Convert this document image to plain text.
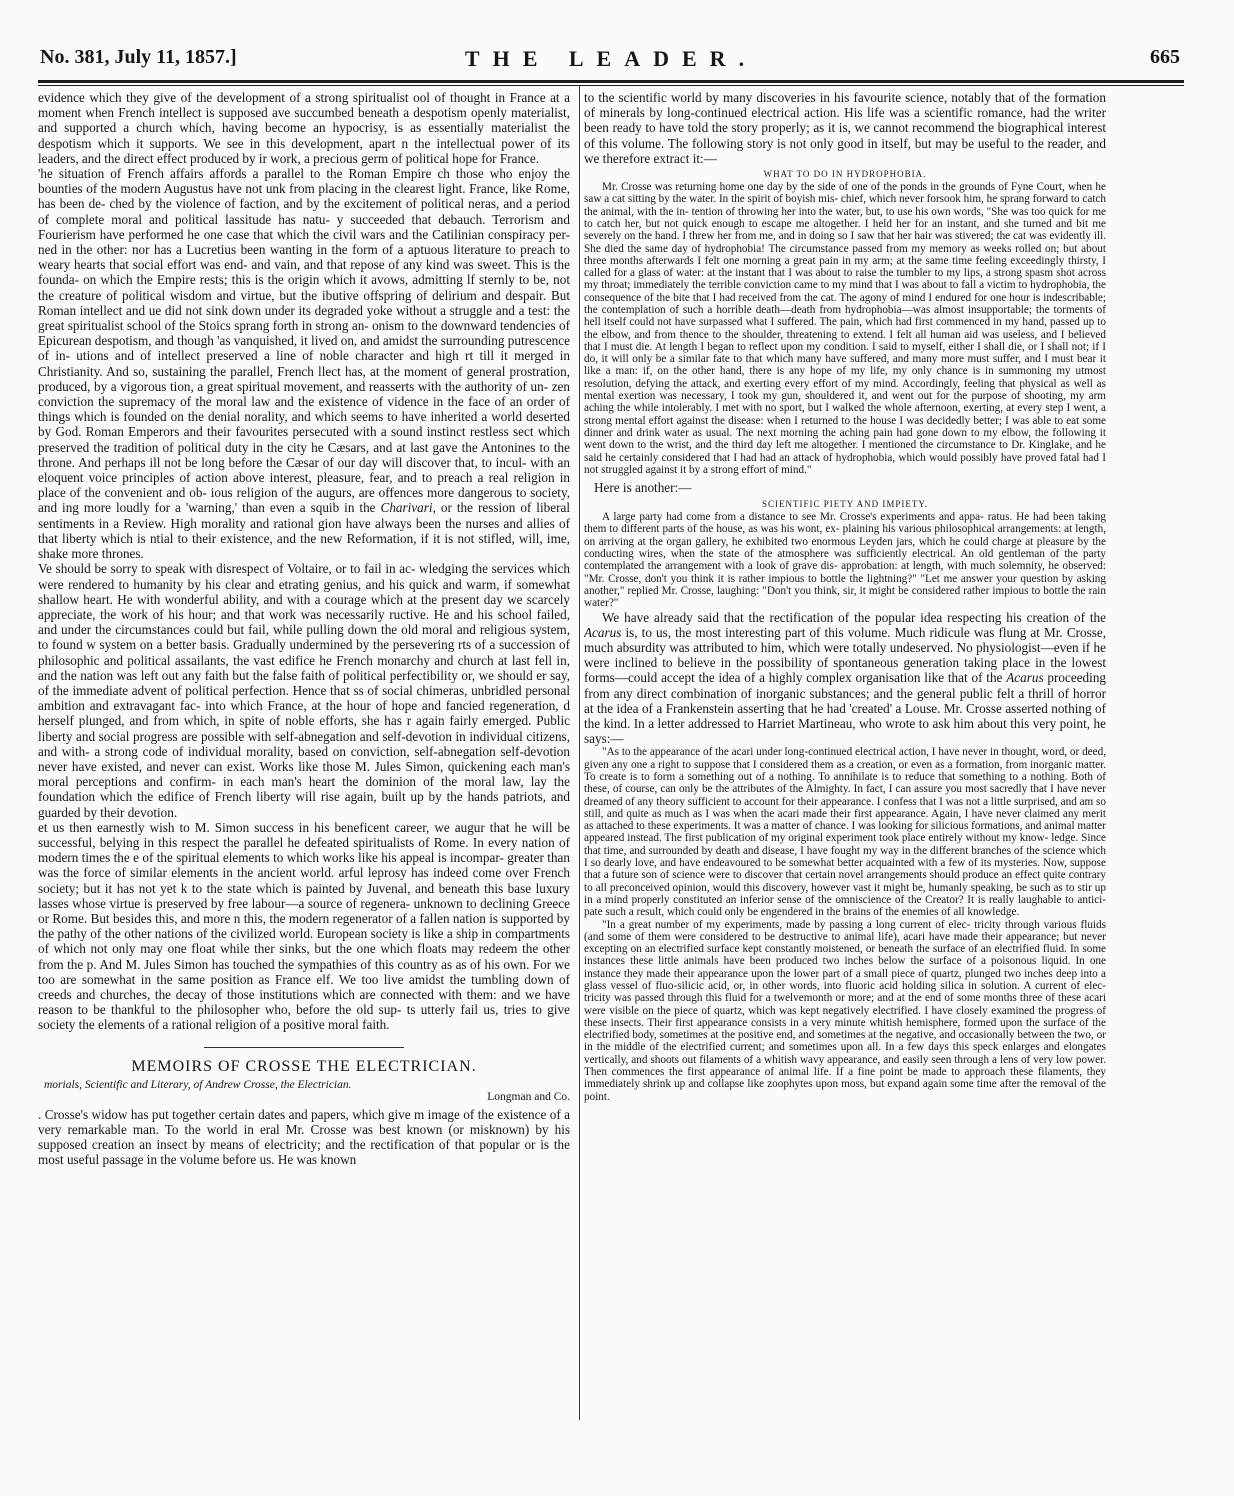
No. 381, July 11, 1857.]	THE LEADER.	665

evidence which they give of the development of a strong spiritualist ool of thought in France at a moment when French intellect is supposed ave succumbed beneath a despotism openly materialist, and supported a church which, having become an hypocrisy, is as essentially materialist the despotism which it supports. We see in this development, apart n the intellectual power of its leaders, and the direct effect produced by ir work, a precious germ of political hope for France.

'he situation of French affairs affords a parallel to the Roman Empire ch those who enjoy the bounties of the modern Augustus have not unk from placing in the clearest light. France, like Rome, has been de- ched by the violence of faction, and by the excitement of political neras, and a period of complete moral and political lassitude has natu- y succeeded that debauch. Terrorism and Fourierism have performed he one case that which the civil wars and the Catilinian conspiracy per- ned in the other: nor has a Lucretius been wanting in the form of a aptuous literature to preach to weary hearts that social effort was end- and vain, and that repose of any kind was sweet. This is the founda- on which the Empire rests; this is the origin which it avows, admitting lf sternly to be, not the creature of political wisdom and virtue, but the ibutive offspring of delirium and despair. But Roman intellect and ue did not sink down under its degraded yoke without a struggle and a test: the great spiritualist school of the Stoics sprang forth in strong an- onism to the downward tendencies of Epicurean despotism, and though 'as vanquished, it lived on, and amidst the surrounding putrescence of in- utions and of intellect preserved a line of noble character and high rt till it merged in Christianity. And so, sustaining the parallel, French llect has, at the moment of general prostration, produced, by a vigorous tion, a great spiritual movement, and reasserts with the authority of un- zen conviction the supremacy of the moral law and the existence of vidence in the face of an order of things which is founded on the denial norality, and which seems to have inherited a world deserted by God. Roman Emperors and their favourites persecuted with a sound instinct restless sect which preserved the tradition of political duty in the city he Cæsars, and at last gave the Antonines to the throne. And perhaps ill not be long before the Cæsar of our day will discover that, to incul- with an eloquent voice principles of action above interest, pleasure, fear, and to preach a real religion in place of the convenient and ob- ious religion of the augurs, are offences more dangerous to society, and ing more loudly for a 'warning,' than even a squib in the Charivari, or the ression of liberal sentiments in a Review. High morality and rational gion have always been the nurses and allies of that liberty which is ntial to their existence, and the new Reformation, if it is not stifled, will, ime, shake more thrones.

Ve should be sorry to speak with disrespect of Voltaire, or to fail in ac- wledging the services which were rendered to humanity by his clear and etrating genius, and his quick and warm, if somewhat shallow heart. He with wonderful ability, and with a courage which at the present day we scarcely appreciate, the work of his hour; and that work was necessarily ructive. He and his school failed, and under the circumstances could but fail, while pulling down the old moral and religious system, to found w system on a better basis. Gradually undermined by the persevering rts of a succession of philosophic and political assailants, the vast edifice he French monarchy and church at last fell in, and the nation was left out any faith but the false faith of political perfectibility or, we should er say, of the immediate advent of political perfection. Hence that ss of social chimeras, unbridled personal ambition and extravagant fac- into which France, at the hour of hope and fancied regeneration, d herself plunged, and from which, in spite of noble efforts, she has r again fairly emerged. Public liberty and social progress are possible with self-abnegation and self-devotion in individual citizens, and with- a strong code of individual morality, based on conviction, self-abnegation self-devotion never have existed, and never can exist. Works like those M. Jules Simon, quickening each man's moral perceptions and confirm- in each man's heart the dominion of the moral law, lay the foundation which the edifice of French liberty will rise again, built up by the hands patriots, and guarded by their devotion.

et us then earnestly wish to M. Simon success in his beneficent career, we augur that he will be successful, belying in this respect the parallel he defeated spiritualists of Rome. In every nation of modern times the e of the spiritual elements to which works like his appeal is incompar- greater than was the force of similar elements in the ancient world. arful leprosy has indeed come over French society; but it has not yet k to the state which is painted by Juvenal, and beneath this base luxury lasses whose virtue is preserved by free labour—a source of regenera- unknown to declining Greece or Rome. But besides this, and more n this, the modern regenerator of a fallen nation is supported by the pathy of the other nations of the civilized world. European society is like a ship in compartments of which not only may one float while ther sinks, but the one which floats may redeem the other from the p. And M. Jules Simon has touched the sympathies of this country as as of his own. For we too are somewhat in the same position as France elf. We too live amidst the tumbling down of creeds and churches, the decay of those institutions which are connected with them: and we have reason to be thankful to the philosopher who, before the old sup- ts utterly fail us, tries to give society the elements of a rational religion of a positive moral faith.

MEMOIRS OF CROSSE THE ELECTRICIAN.
morials, Scientific and Literary, of Andrew Crosse, the Electrician.
Longman and Co.

. Crosse's widow has put together certain dates and papers, which give m image of the existence of a very remarkable man. To the world in eral Mr. Crosse was best known (or misknown) by his supposed creation an insect by means of electricity; and the rectification of that popular or is the most useful passage in the volume before us. He was known

to the scientific world by many discoveries in his favourite science, notably that of the formation of minerals by long-continued electrical action. His life was a scientific romance, had the writer been ready to have told the story properly; as it is, we cannot recommend the biographical interest of this volume. The following story is not only good in itself, but may be useful to the reader, and we therefore extract it:—

WHAT TO DO IN HYDROPHOBIA.

Mr. Crosse was returning home one day by the side of one of the ponds in the grounds of Fyne Court, when he saw a cat sitting by the water. In the spirit of boyish mis- chief, which never forsook him, he sprang forward to catch the animal, with the in- tention of throwing her into the water, but, to use his own words, "She was too quick for me to catch her, but not quick enough to escape me altogether. I held her for an instant, and she turned and bit me severely on the hand. I threw her from me, and in doing so I saw that her hair was stivered; the cat was evidently ill. She died the same day of hydrophobia! The circumstance passed from my memory as weeks rolled on; but about three months afterwards I felt one morning a great pain in my arm; at the same time feeling exceedingly thirsty, I called for a glass of water: at the instant that I was about to raise the tumbler to my lips, a strong spasm shot across my throat; immediately the terrible conviction came to my mind that I was about to fall a victim to hydrophobia, the consequence of the bite that I had received from the cat. The agony of mind I endured for one hour is indescribable; the contemplation of such a horrible death—death from hydrophobia—was almost insupportable; the torments of hell itself could not have surpassed what I suffered. The pain, which had first commenced in my hand, passed up to the elbow, and from thence to the shoulder, threatening to extend. I felt all human aid was useless, and I believed that I must die. At length I began to reflect upon my condition. I said to myself, either I shall die, or I shall not; if I do, it will only be a similar fate to that which many have suffered, and many more must suffer, and I must bear it like a man: if, on the other hand, there is any hope of my life, my only chance is in summoning my utmost resolution, defying the attack, and exerting every effort of my mind. Accordingly, feeling that physical as well as mental exertion was necessary, I took my gun, shouldered it, and went out for the purpose of shooting, my arm aching the while intolerably. I met with no sport, but I walked the whole afternoon, exerting, at every step I went, a strong mental effort against the disease: when I returned to the house I was decidedly better; I was able to eat some dinner and drink water as usual. The next morning the aching pain had gone down to my elbow, the following it went down to the wrist, and the third day left me altogether. I mentioned the circumstance to Dr. Kinglake, and he said he certainly considered that I had had an attack of hydrophobia, which would possibly have proved fatal had I not struggled against it by a strong effort of mind."

Here is another:—
SCIENTIFIC PIETY AND IMPIETY.

A large party had come from a distance to see Mr. Crosse's experiments and appa- ratus. He had been taking them to different parts of the house, as was his wont, ex- plaining his various philosophical arrangements: at length, on arriving at the organ gallery, he exhibited two enormous Leyden jars, which he could charge at pleasure by the conducting wires, when the state of the atmosphere was sufficiently electrical. An old gentleman of the party contemplated the arrangement with a look of grave dis- approbation: at length, with much solemnity, he observed: "Mr. Crosse, don't you think it is rather impious to bottle the lightning?" "Let me answer your question by asking another," replied Mr. Crosse, laughing: "Don't you think, sir, it might be considered rather impious to bottle the rain water?"

We have already said that the rectification of the popular idea respecting his creation of the Acarus is, to us, the most interesting part of this volume. Much ridicule was flung at Mr. Crosse, much absurdity was attributed to him, which were totally undeserved. No physiologist—even if he were inclined to believe in the possibility of spontaneous generation taking place in the lowest forms—could accept the idea of a highly complex organisation like that of the Acarus proceeding from any direct combination of inorganic substances; and the general public felt a thrill of horror at the idea of a Frankenstein asserting that he had 'created' a Louse. Mr. Crosse asserted nothing of the kind. In a letter addressed to Harriet Martineau, who wrote to ask him about this very point, he says:—

"As to the appearance of the acari under long-continued electrical action, I have never in thought, word, or deed, given any one a right to suppose that I considered them as a creation, or even as a formation, from inorganic matter. To create is to form a something out of a nothing. To annihilate is to reduce that something to a nothing. Both of these, of course, can only be the attributes of the Almighty. In fact, I can assure you most sacredly that I have never dreamed of any theory sufficient to account for their appearance. I confess that I was not a little surprised, and am so still, and quite as much as I was when the acari made their first appearance. Again, I have never claimed any merit as attached to these experiments. It was a matter of chance. I was looking for silicious formations, and animal matter appeared instead. The first publication of my original experiment took place entirely without my know- ledge. Since that time, and surrounded by death and disease, I have fought my way in the different branches of the science which I so dearly love, and have endeavoured to be somewhat better acquainted with a few of its mysteries. Now, suppose that a future son of science were to discover that certain novel arrangements should produce an effect quite contrary to all preconceived opinion, would this discovery, however vast it might be, humanly speaking, be such as to stir up in a mind properly constituted an inferior sense of the omniscience of the Creator? It is really laughable to antici- pate such a result, which could only be engendered in the brains of the enemies of all knowledge.

"In a great number of my experiments, made by passing a long current of elec- tricity through various fluids (and some of them were considered to be destructive to animal life), acari have made their appearance; but never excepting on an electrified surface kept constantly moistened, or beneath the surface of an electrified fluid. In some instances these little animals have been produced two inches below the surface of a poisonous liquid. In one instance they made their appearance upon the lower part of a small piece of quartz, plunged two inches deep into a glass vessel of fluo-silicic acid, or, in other words, into fluoric acid holding silica in solution. A current of elec- tricity was passed through this fluid for a twelvemonth or more; and at the end of some months three of these acari were visible on the piece of quartz, which was kept negatively electrified. I have closely examined the progress of these insects. Their first appearance consists in a very minute whitish hemisphere, formed upon the surface of the electrified body, sometimes at the positive end, and sometimes at the negative, and occasionally between the two, or in the middle of the electrified current; and sometimes upon all. In a few days this speck enlarges and elongates vertically, and shoots out filaments of a whitish wavy appearance, and easily seen through a lens of very low power. Then commences the first appearance of animal life. If a fine point be made to approach these filaments, they immediately shrink up and collapse like zoophytes upon moss, but expand again some time after the removal of the point.
